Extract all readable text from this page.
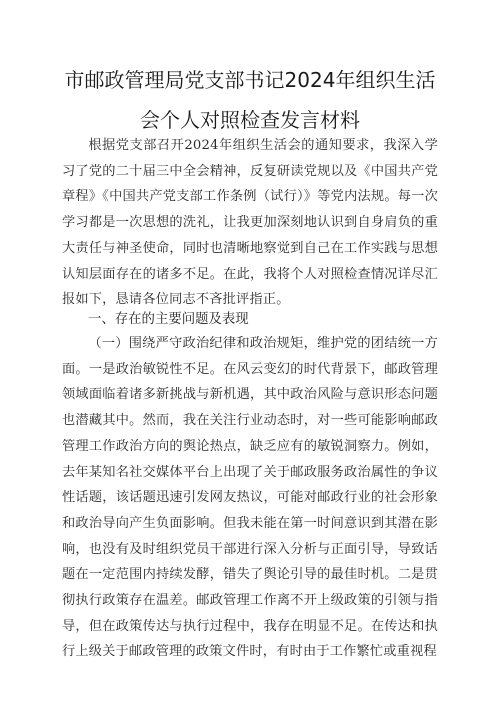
市邮政管理局党支部书记2024年组织生活
会个人对照检查发言材料
根据党支部召开2024年组织生活会的通知要求，我深入学习了党的二十届三中全会精神，反复研读党规以及《中国共产党章程》《中国共产党支部工作条例（试行）》等党内法规。每一次学习都是一次思想的洗礼，让我更加深刻地认识到自身肩负的重大责任与神圣使命，同时也清晰地察觉到自己在工作实践与思想认知层面存在的诸多不足。在此，我将个人对照检查情况详尽汇报如下，恳请各位同志不吝批评指正。
一、存在的主要问题及表现
（一）围绕严守政治纪律和政治规矩，维护党的团结统一方面。一是政治敏锐性不足。在风云变幻的时代背景下，邮政管理领域面临着诸多新挑战与新机遇，其中政治风险与意识形态问题也潜藏其中。然而，我在关注行业动态时，对一些可能影响邮政管理工作政治方向的舆论热点，缺乏应有的敏锐洞察力。例如，去年某知名社交媒体平台上出现了关于邮政服务政治属性的争议性话题，该话题迅速引发网友热议，可能对邮政行业的社会形象和政治导向产生负面影响。但我未能在第一时间意识到其潜在影响，也没有及时组织党员干部进行深入分析与正面引导，导致话题在一定范围内持续发酵，错失了舆论引导的最佳时机。二是贯彻执行政策存在温差。邮政管理工作离不开上级政策的引领与指导，但在政策传达与执行过程中，我存在明显不足。在传达和执行上级关于邮政管理的政策文件时，有时由于工作繁忙或重视程
